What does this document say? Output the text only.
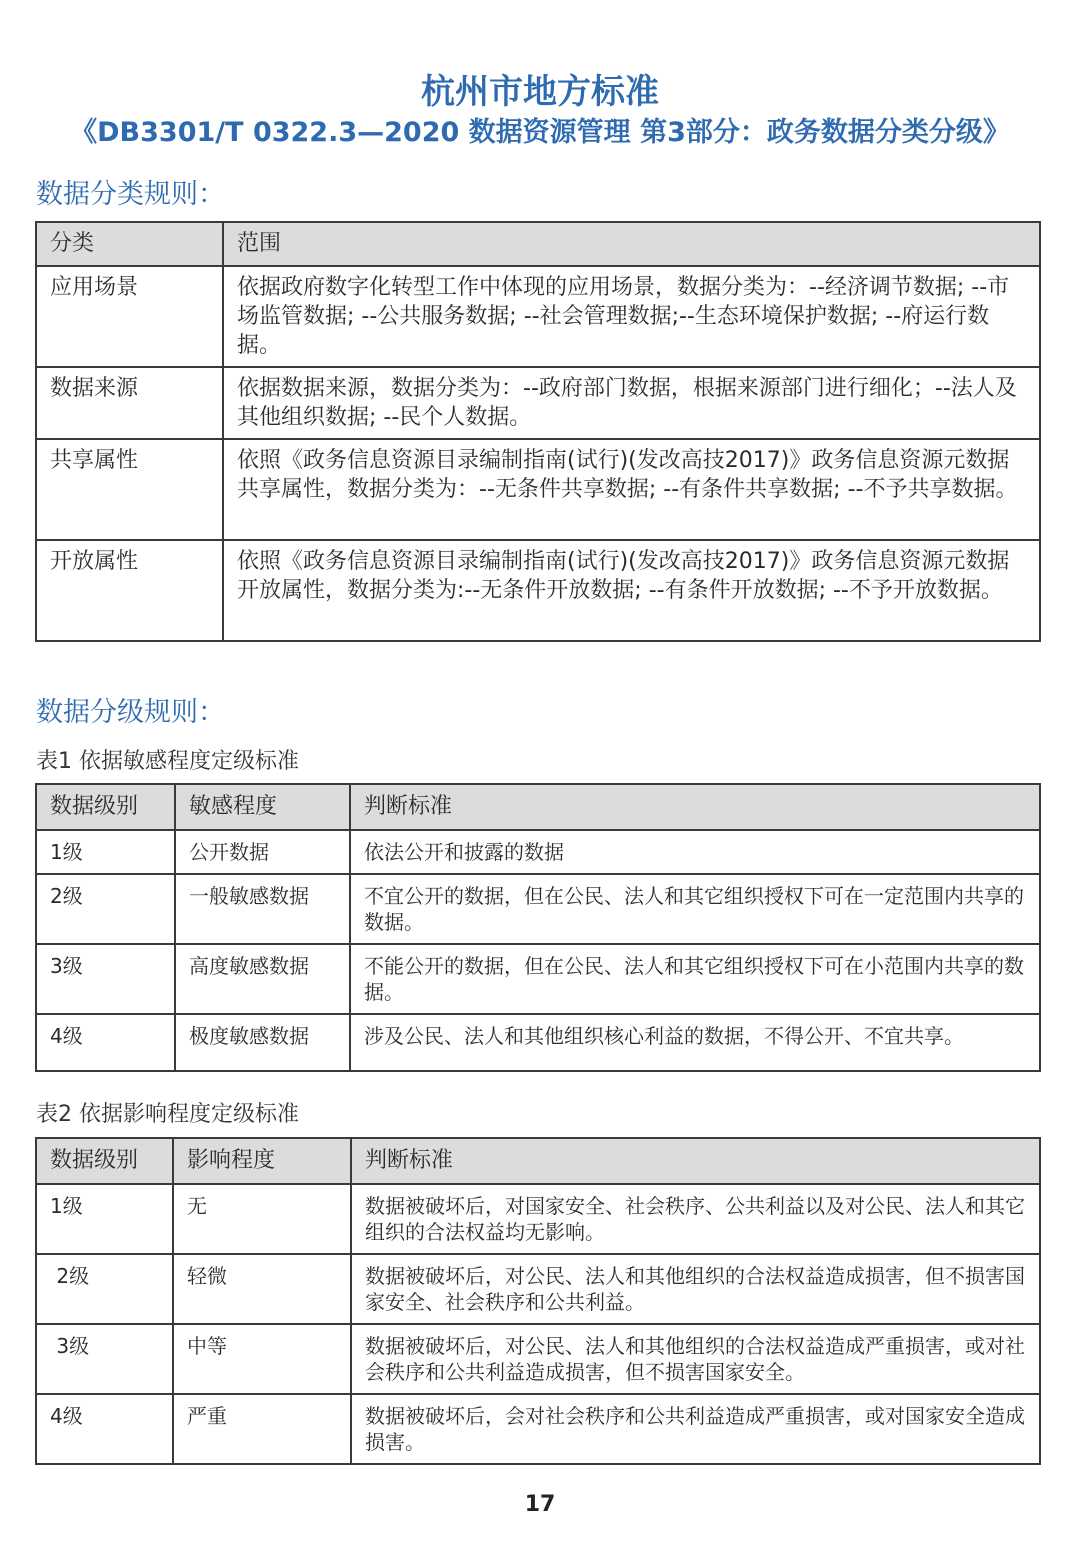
杭州市地方标准
《DB3301/T 0322.3—2020 数据资源管理 第3部分：政务数据分类分级》
数据分类规则：
分类	范围
应用场景	依据政府数字化转型工作中体现的应用场景，数据分类为：--经济调节数据; --市场监管数据; --公共服务数据; --社会管理数据;--生态环境保护数据; --府运行数据。
数据来源	依据数据来源，数据分类为：--政府部门数据，根据来源部门进行细化；--法人及其他组织数据; --民个人数据。
共享属性	依照《政务信息资源目录编制指南(试行)(发改高技2017)》政务信息资源元数据共享属性，数据分类为：--无条件共享数据; --有条件共享数据; --不予共享数据。
开放属性	依照《政务信息资源目录编制指南(试行)(发改高技2017)》政务信息资源元数据开放属性，数据分类为:--无条件开放数据; --有条件开放数据; --不予开放数据。
数据分级规则：
表1 依据敏感程度定级标准
数据级别	敏感程度	判断标准
1级	公开数据	依法公开和披露的数据
2级	一般敏感数据	不宜公开的数据，但在公民、法人和其它组织授权下可在一定范围内共享的数据。
3级	高度敏感数据	不能公开的数据，但在公民、法人和其它组织授权下可在小范围内共享的数据。
4级	极度敏感数据	涉及公民、法人和其他组织核心利益的数据，不得公开、不宜共享。
表2 依据影响程度定级标准
数据级别	影响程度	判断标准
1级	无	数据被破坏后，对国家安全、社会秩序、公共利益以及对公民、法人和其它组织的合法权益均无影响。
2级	轻微	数据被破坏后，对公民、法人和其他组织的合法权益造成损害，但不损害国家安全、社会秩序和公共利益。
3级	中等	数据被破坏后，对公民、法人和其他组织的合法权益造成严重损害，或对社会秩序和公共利益造成损害，但不损害国家安全。
4级	严重	数据被破坏后，会对社会秩序和公共利益造成严重损害，或对国家安全造成损害。
17
